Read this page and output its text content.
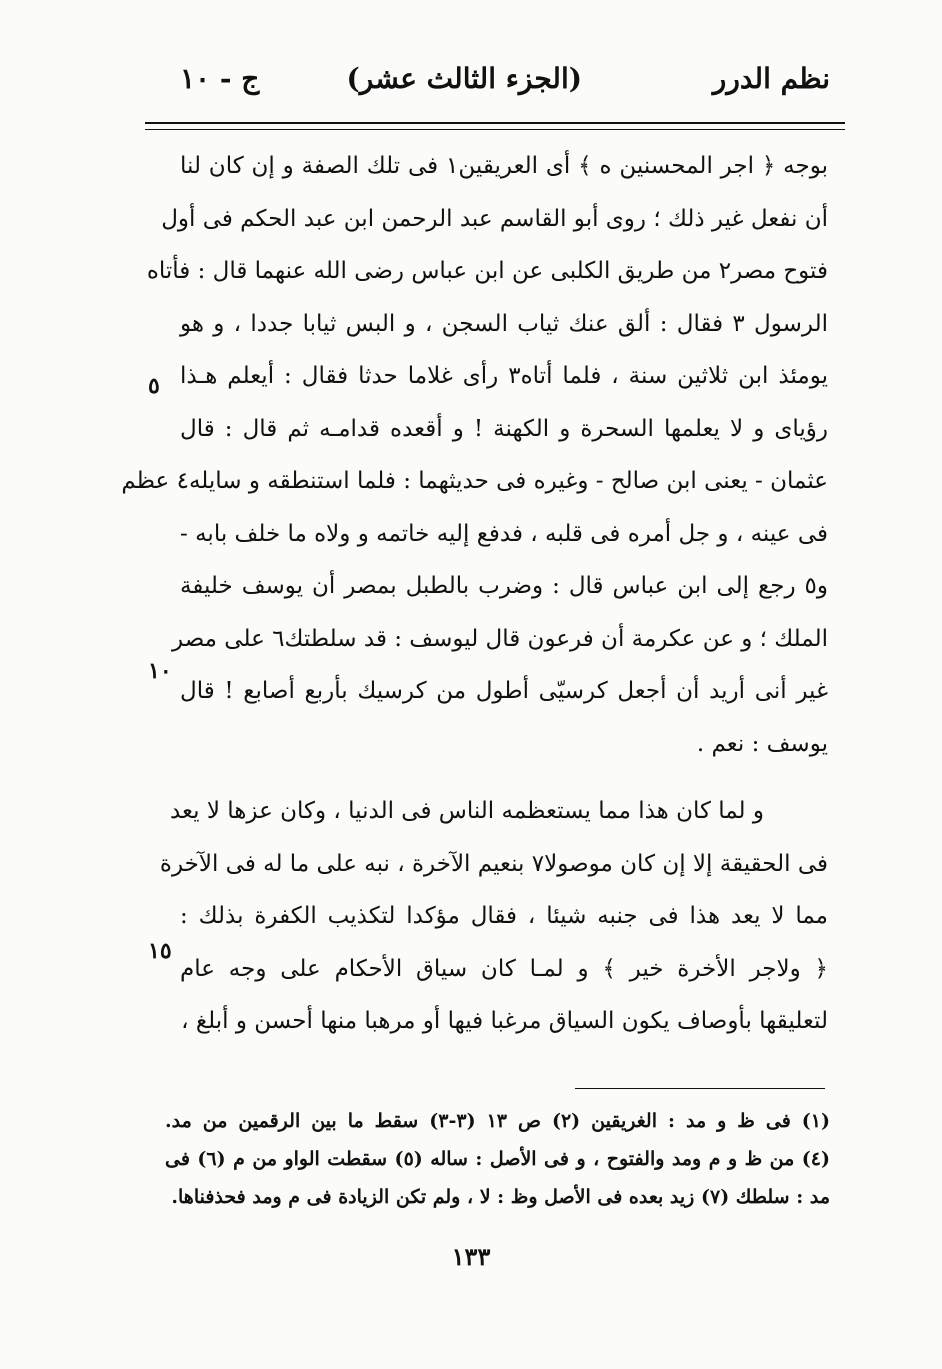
نظم الدرر
(الجزء الثالث عشر)
ج - ١٠
بوجه ﴿ اجر المحسنين ه ﴾ أى العريقين١ فى تلك الصفة و إن كان لنا
أن نفعل غير ذلك ؛ روى أبو القاسم عبد الرحمن ابن عبد الحكم فى أول
فتوح مصر٢ من طريق الكلبى عن ابن عباس رضى الله عنهما قال : فأتاه
الرسول ٣ فقال : ألق عنك ثياب السجن ، و البس ثيابا جددا ، و هو
يومئذ ابن ثلاثين سنة ، فلما أتاه٣ رأى غلاما حدثا فقال : أيعلم هـذا
رؤياى و لا يعلمها السحرة و الكهنة ! و أقعده قدامـه ثم قال : قال
عثمان - يعنى ابن صالح - وغيره فى حديثهما : فلما استنطقه و سايله٤ عظم
فى عينه ، و جل أمره فى قلبه ، فدفع إليه خاتمه و ولاه ما خلف بابه -
و٥ رجع إلى ابن عباس قال : وضرب بالطبل بمصر أن يوسف خليفة
الملك ؛ و عن عكرمة أن فرعون قال ليوسف : قد سلطتك٦ على مصر
غير أنى أريد أن أجعل كرسيّى أطول من كرسيك بأربع أصابع ! قال
يوسف : نعم .
و لما كان هذا مما يستعظمه الناس فى الدنيا ، وكان عزها لا يعد
فى الحقيقة إلا إن كان موصولا٧ بنعيم الآخرة ، نبه على ما له فى الآخرة
مما لا يعد هذا فى جنبه شيئا ، فقال مؤكدا لتكذيب الكفرة بذلك :
﴿ ولاجر الأخرة خير ﴾ و لمـا كان سياق الأحكام على وجه عام
لتعليقها بأوصاف يكون السياق مرغبا فيها أو مرهبا منها أحسن و أبلغ ،
٥
١٠
١٥
(١) فى ظ و مد : الغريقين (٢) ص ١٣ (٣-٣) سقط ما بين الرقمين من مد.
(٤) من ظ و م ومد والفتوح ، و فى الأصل : ساله (٥) سقطت الواو من م (٦) فى
مد : سلطك (٧) زيد بعده فى الأصل وظ : لا ، ولم تكن الزيادة فى م ومد فحذفناها.
١٣٣
